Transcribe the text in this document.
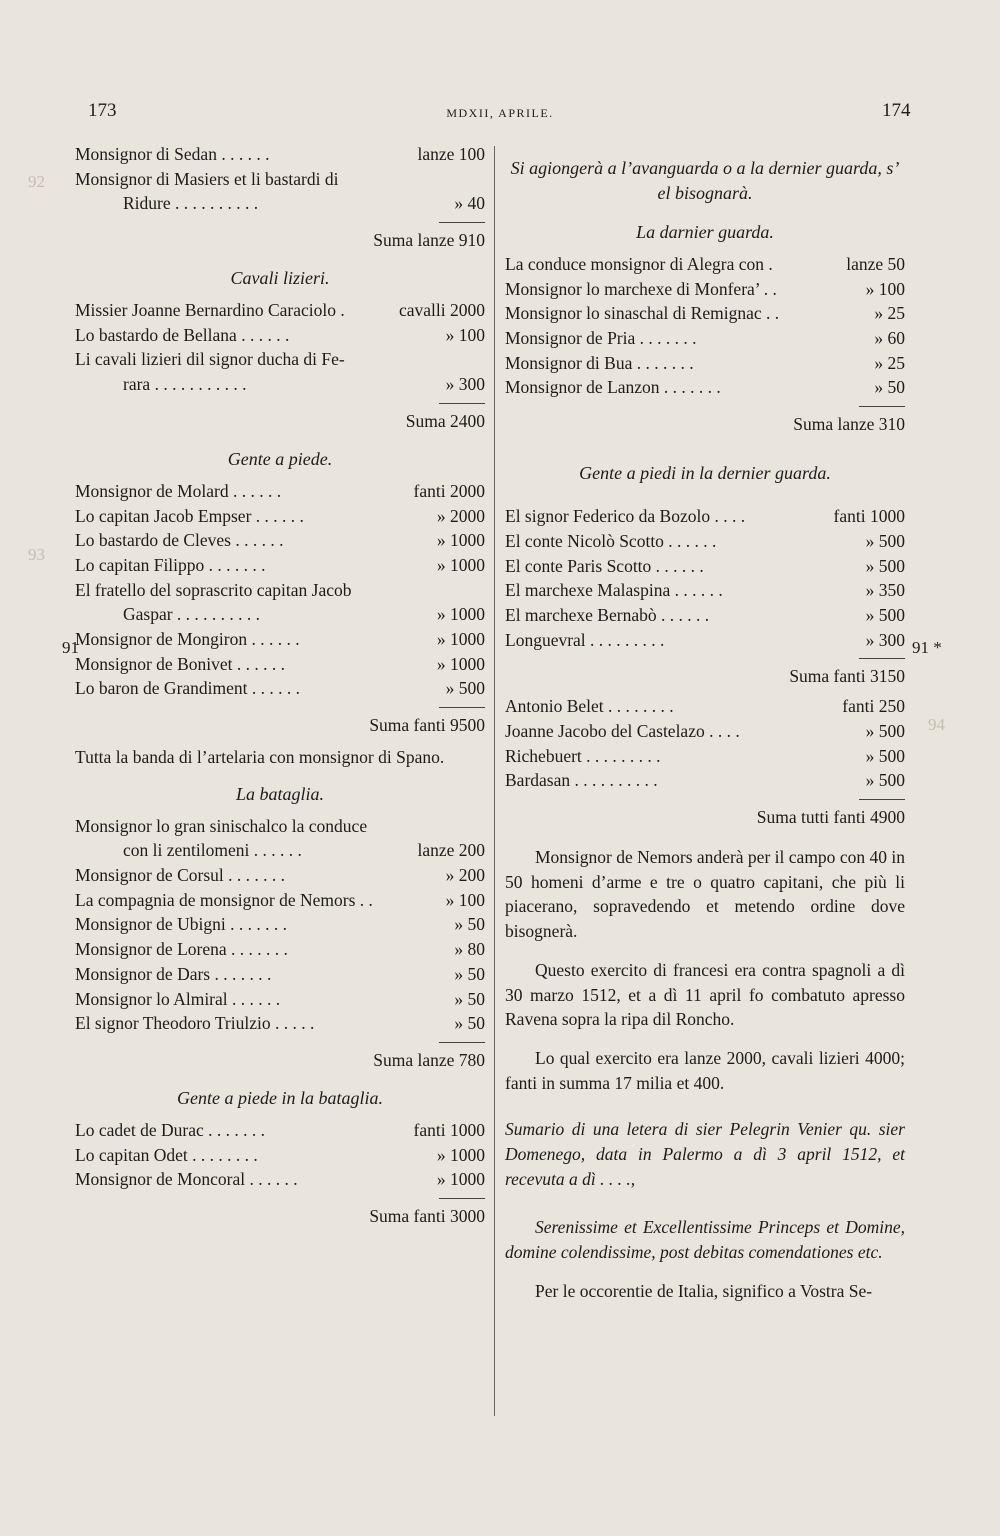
173	MDXII, APRILE.	174
91	91 *
92
93
94
Monsignor di Sedan . . . . . .	lanze 100
Monsignor di Masiers et li bastardi di
Ridure . . . . . . . . . .	» 40
Suma lanze 910
Cavali lizieri.
Missier Joanne Bernardino Caraciolo .	cavalli 2000
Lo bastardo de Bellana . . . . . .	» 100
Li cavali lizieri dil signor ducha di Fe-
rara . . . . . . . . . . .	» 300
Suma 2400
Gente a piede.
Monsignor de Molard . . . . . .	fanti 2000
Lo capitan Jacob Empser . . . . . .	» 2000
Lo bastardo de Cleves . . . . . .	» 1000
Lo capitan Filippo . . . . . . .	» 1000
El fratello del soprascrito capitan Jacob
Gaspar . . . . . . . . . .	» 1000
Monsignor de Mongiron . . . . . .	» 1000
Monsignor de Bonivet . . . . . .	» 1000
Lo baron de Grandiment . . . . . .	» 500
Suma fanti 9500
Tutta la banda di l’artelaria con monsignor di Spano.
La bataglia.
Monsignor lo gran sinischalco la conduce
con li zentilomeni . . . . . .	lanze 200
Monsignor de Corsul . . . . . . .	» 200
La compagnia de monsignor de Nemors . .	» 100
Monsignor de Ubigni . . . . . . .	» 50
Monsignor de Lorena . . . . . . .	» 80
Monsignor de Dars . . . . . . .	» 50
Monsignor lo Almiral . . . . . .	» 50
El signor Theodoro Triulzio . . . . .	» 50
Suma lanze 780
Gente a piede in la bataglia.
Lo cadet de Durac . . . . . . .	fanti 1000
Lo capitan Odet . . . . . . . .	» 1000
Monsignor de Moncoral . . . . . .	» 1000
Suma fanti 3000
Si agiongerà a l’avanguarda o a la dernier guarda, s’ el bisognarà.
La darnier guarda.
La conduce monsignor di Alegra con .	lanze 50
Monsignor lo marchexe di Monfera’ . .	» 100
Monsignor lo sinaschal di Remignac . .	» 25
Monsignor de Pria . . . . . . .	» 60
Monsignor di Bua . . . . . . .	» 25
Monsignor de Lanzon . . . . . . .	» 50
Suma lanze 310
Gente a piedi in la dernier guarda.
El signor Federico da Bozolo . . . .	fanti 1000
El conte Nicolò Scotto . . . . . .	» 500
El conte Paris Scotto . . . . . .	» 500
El marchexe Malaspina . . . . . .	» 350
El marchexe Bernabò . . . . . .	» 500
Longuevral . . . . . . . . .	» 300
Suma fanti 3150
Antonio Belet . . . . . . . .	fanti 250
Joanne Jacobo del Castelazo . . . .	» 500
Richebuert . . . . . . . . .	» 500
Bardasan . . . . . . . . . .	» 500
Suma tutti fanti 4900
Monsignor de Nemors anderà per il campo con 40 in 50 homeni d’arme e tre o quatro capitani, che più li piacerano, sopravedendo et metendo ordine dove bisognerà.
Questo exercito di francesi era contra spagnoli a dì 30 marzo 1512, et a dì 11 april fo combatuto apresso Ravena sopra la ripa dil Roncho.
Lo qual exercito era lanze 2000, cavali lizieri 4000; fanti in summa 17 milia et 400.
Sumario di una letera di sier Pelegrin Venier qu. sier Domenego, data in Palermo a dì 3 april 1512, et recevuta a dì . . . .,
Serenissime et Excellentissime Princeps et Domine, domine colendissime, post debitas comendationes etc.
Per le occorentie de Italia, significo a Vostra Se-
